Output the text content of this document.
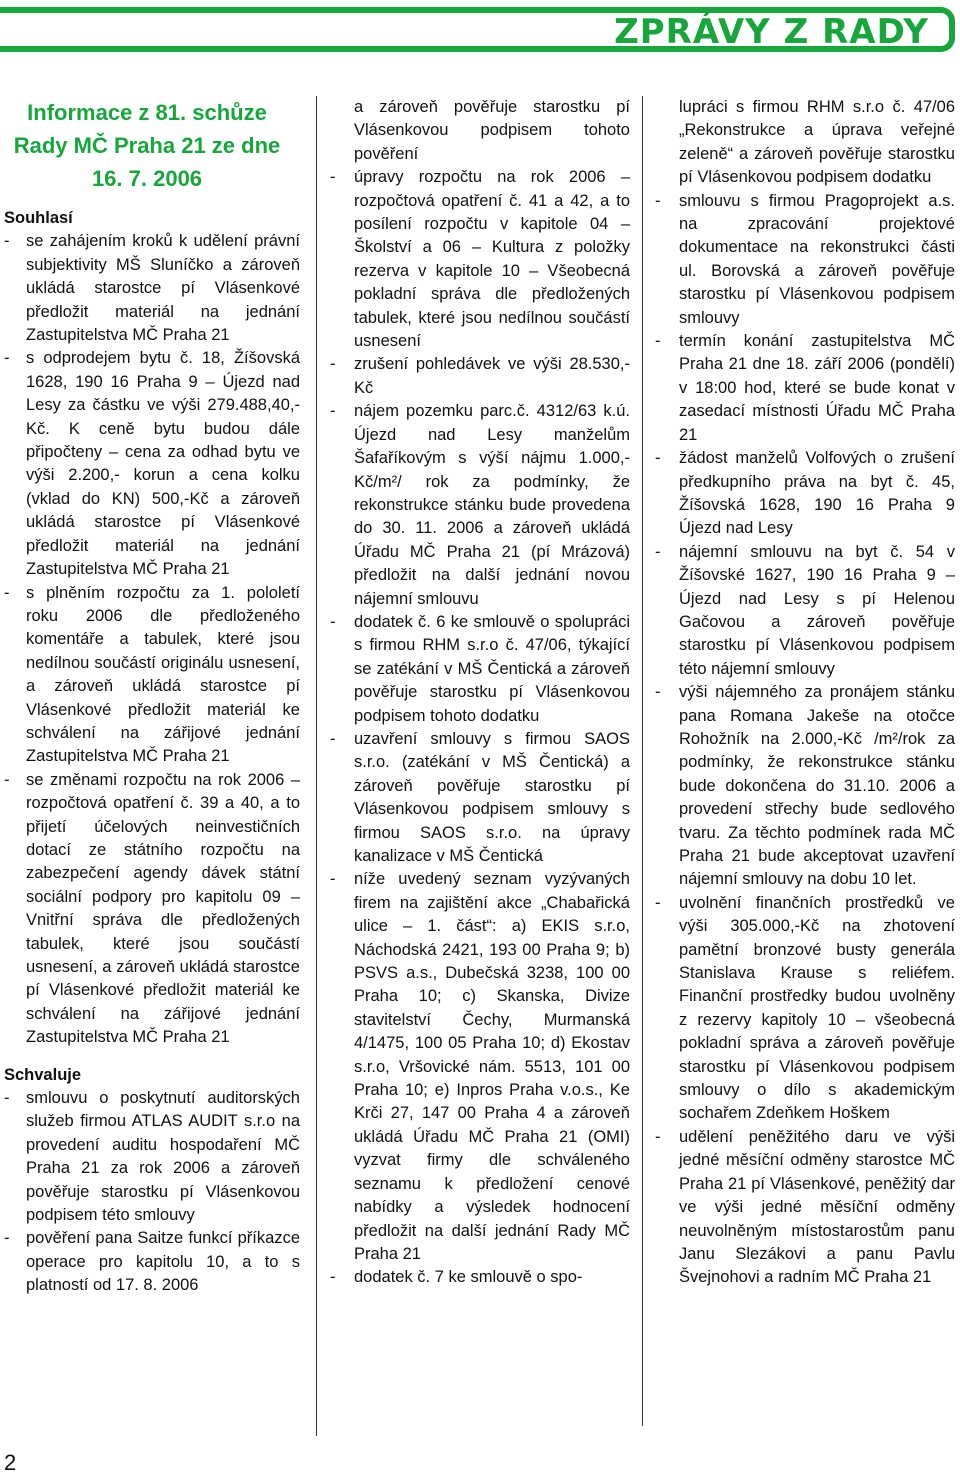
ZPRÁVY Z RADY
Informace z 81. schůze Rady MČ Praha 21 ze dne 16. 7. 2006

Souhlasí

- se zahájením kroků k udělení právní subjektivity MŠ Sluníčko a zároveň ukládá starostce pí Vlásenkové předložit materiál na jednání Zastupitelstva MČ Praha 21
- s odprodejem bytu č. 18, Žíšovská 1628, 190 16 Praha 9 – Újezd nad Lesy za částku ve výši 279.488,40,-Kč. K ceně bytu budou dále připočteny – cena za odhad bytu ve výši 2.200,- korun a cena kolku (vklad do KN) 500,-Kč a zároveň ukládá starostce pí Vlásenkové předložit materiál na jednání Zastupitelstva MČ Praha 21
- s plněním rozpočtu za 1. pololetí roku 2006 dle předloženého komentáře a tabulek, které jsou nedílnou součástí originálu usnesení, a zároveň ukládá starostce pí Vlásenkové předložit materiál ke schválení na zářijové jednání Zastupitelstva MČ Praha 21
- se změnami rozpočtu na rok 2006 – rozpočtová opatření č. 39 a 40, a to přijetí účelových neinvestičních dotací ze státního rozpočtu na zabezpečení agendy dávek státní sociální podpory pro kapitolu 09 – Vnitřní správa dle předložených tabulek, které jsou součástí usnesení, a zároveň ukládá starostce pí Vlásenkové předložit materiál ke schválení na zářijové jednání Zastupitelstva MČ Praha 21

Schvaluje

- smlouvu o poskytnutí auditorských služeb firmou ATLAS AUDIT s.r.o na provedení auditu hospodaření MČ Praha 21 za rok 2006 a zároveň pověřuje starostku pí Vlásenkovou podpisem této smlouvy
- pověření pana Saitze funkcí příkazce operace pro kapitolu 10, a to s platností od 17. 8. 2006

a zároveň pověřuje starostku pí Vlásenkovou podpisem tohoto pověření

- úpravy rozpočtu na rok 2006 – rozpočtová opatření č. 41 a 42, a to posílení rozpočtu v kapitole 04 – Školství a 06 – Kultura z položky rezerva v kapitole 10 – Všeobecná pokladní správa dle předložených tabulek, které jsou nedílnou součástí usnesení
- zrušení pohledávek ve výši 28.530,-Kč
- nájem pozemku parc.č. 4312/63 k.ú. Újezd nad Lesy manželům Šafaříkovým s výší nájmu 1.000,-Kč/m²/ rok za podmínky, že rekonstrukce stánku bude provedena do 30. 11. 2006 a zároveň ukládá Úřadu MČ Praha 21 (pí Mrázová) předložit na další jednání novou nájemní smlouvu
- dodatek č. 6 ke smlouvě o spolupráci s firmou RHM s.r.o č. 47/06, týkající se zatékání v MŠ Čentická a zároveň pověřuje starostku pí Vlásenkovou podpisem tohoto dodatku
- uzavření smlouvy s firmou SAOS s.r.o. (zatékání v MŠ Čentická) a zároveň pověřuje starostku pí Vlásenkovou podpisem smlouvy s firmou SAOS s.r.o. na úpravy kanalizace v MŠ Čentická
- níže uvedený seznam vyzývaných firem na zajištění akce „Chabařická ulice – 1. část“: a) EKIS s.r.o, Náchodská 2421, 193 00 Praha 9; b) PSVS a.s., Dubečská 3238, 100 00 Praha 10; c) Skanska, Divize stavitelství Čechy, Murmanská 4/1475, 100 05 Praha 10; d) Ekostav s.r.o, Vršovické nám. 5513, 101 00 Praha 10; e) Inpros Praha v.o.s., Ke Krči 27, 147 00 Praha 4 a zároveň ukládá Úřadu MČ Praha 21 (OMI) vyzvat firmy dle schváleného seznamu k předložení cenové nabídky a výsledek hodnocení předložit na další jednání Rady MČ Praha 21
- dodatek č. 7 ke smlouvě o spo-

lupráci s firmou RHM s.r.o č. 47/06 „Rekonstrukce a úprava veřejné zeleně“ a zároveň pověřuje starostku pí Vlásenkovou podpisem dodatku

- smlouvu s firmou Pragoprojekt a.s. na zpracování projektové dokumentace na rekonstrukci části ul. Borovská a zároveň pověřuje starostku pí Vlásenkovou podpisem smlouvy
- termín konání zastupitelstva MČ Praha 21 dne 18. září 2006 (pondělí) v 18:00 hod, které se bude konat v zasedací místnosti Úřadu MČ Praha 21
- žádost manželů Volfových o zrušení předkupního práva na byt č. 45, Žíšovská 1628, 190 16 Praha 9 Újezd nad Lesy
- nájemní smlouvu na byt č. 54 v Žíšovské 1627, 190 16 Praha 9 – Újezd nad Lesy s pí Helenou Gačovou a zároveň pověřuje starostku pí Vlásenkovou podpisem této nájemní smlouvy
- výši nájemného za pronájem stánku pana Romana Jakeše na otočce Rohožník na 2.000,-Kč /m²/rok za podmínky, že rekonstrukce stánku bude dokončena do 31.10. 2006 a provedení střechy bude sedlového tvaru. Za těchto podmínek rada MČ Praha 21 bude akceptovat uzavření nájemní smlouvy na dobu 10 let.
- uvolnění finančních prostředků ve výši 305.000,-Kč na zhotovení pamětní bronzové busty generála Stanislava Krause s reliéfem. Finanční prostředky budou uvolněny z rezervy kapitoly 10 – všeobecná pokladní správa a zároveň pověřuje starostku pí Vlásenkovou podpisem smlouvy o dílo s akademickým sochařem Zdeňkem Hoškem
- udělení peněžitého daru ve výši jedné měsíční odměny starostce MČ Praha 21 pí Vlásenkové, peněžitý dar ve výši jedné měsíční odměny neuvolněným místostarostům panu Janu Slezákovi a panu Pavlu Švejnohovi a radním MČ Praha 21
2
